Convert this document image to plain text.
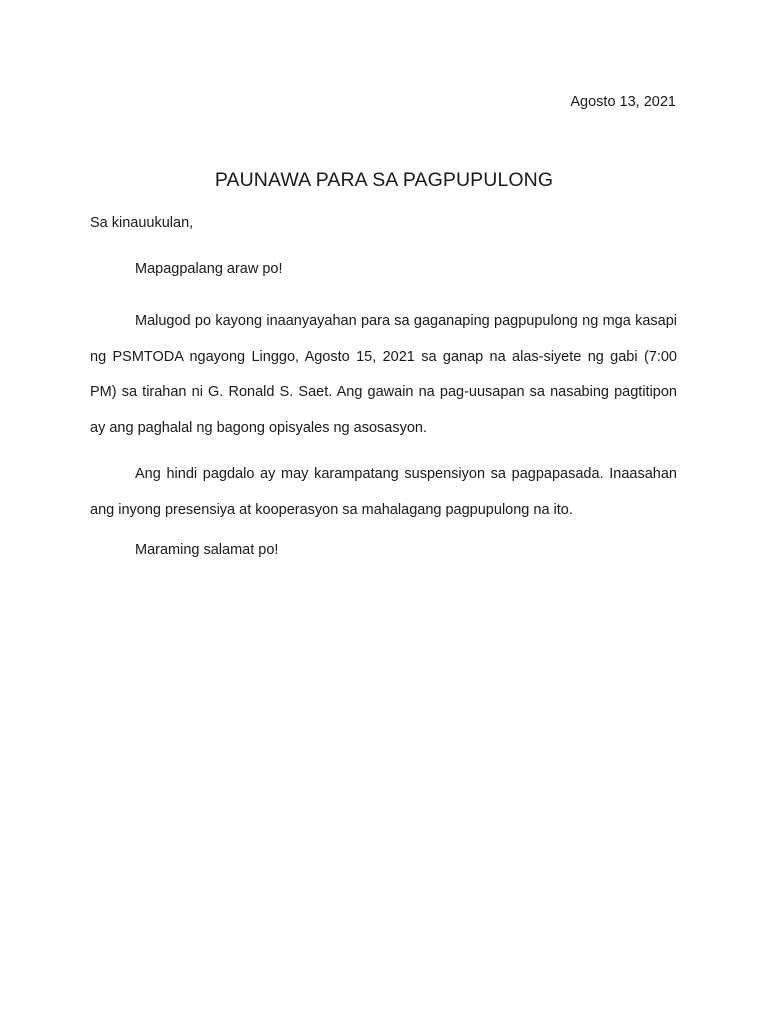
Agosto 13, 2021
PAUNAWA PARA SA PAGPUPULONG
Sa kinauukulan,

Mapagpalang araw po!

Malugod po kayong inaanyayahan para sa gaganaping pagpupulong ng mga kasapi ng PSMTODA ngayong Linggo, Agosto 15, 2021 sa ganap na alas-siyete ng gabi (7:00 PM) sa tirahan ni G. Ronald S. Saet. Ang gawain na pag-uusapan sa nasabing pagtitipon ay ang paghalal ng bagong opisyales ng asosasyon.

Ang hindi pagdalo ay may karampatang suspensiyon sa pagpapasada. Inaasahan ang inyong presensiya at kooperasyon sa mahalagang pagpupulong na ito.

Maraming salamat po!
